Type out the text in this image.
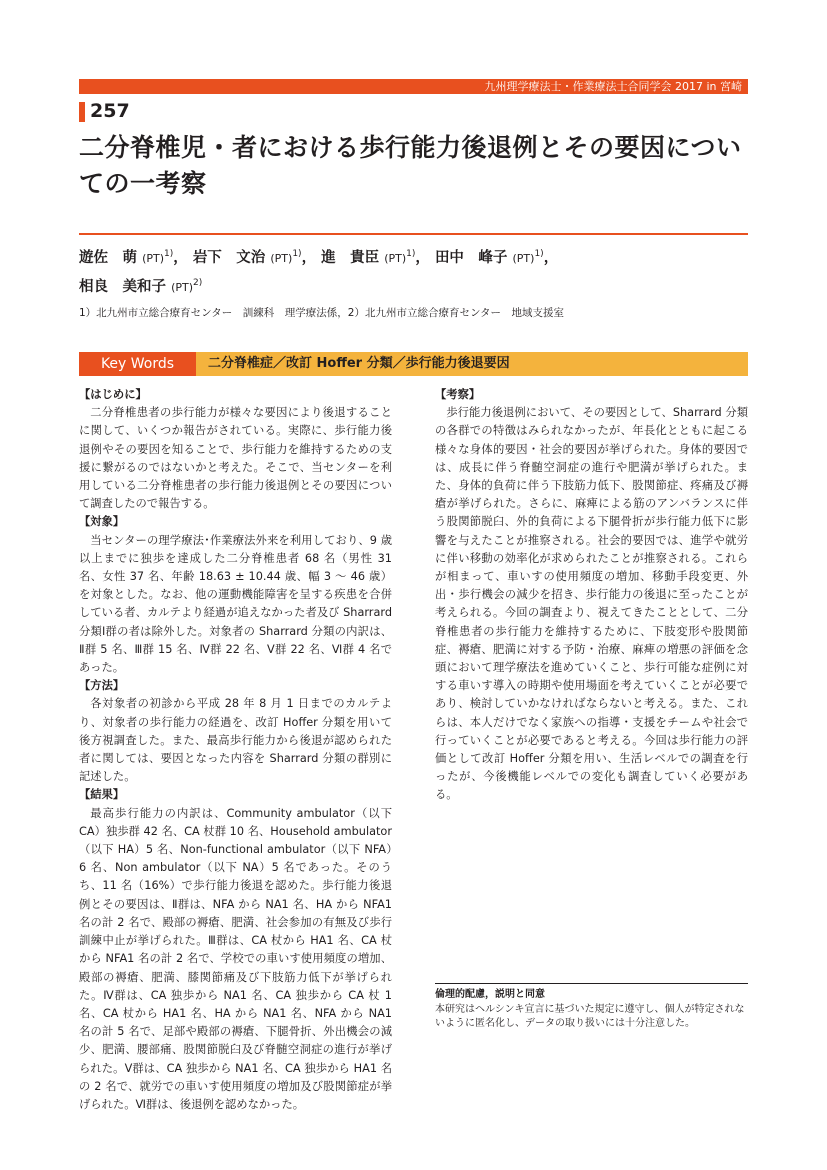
九州理学療法士・作業療法士合同学会 2017 in 宮崎
257
二分脊椎児・者における歩行能力後退例とその要因についての一考察
遊佐　萌 (PT)$^{1)}$， 岩下　文治 (PT)$^{1)}$， 進　貴臣 (PT)$^{1)}$， 田中　峰子 (PT)$^{1)}$，
相良　美和子 (PT)$^{2)}$
1）北九州市立総合療育センター　訓練科　理学療法係，2）北九州市立総合療育センター　地域支援室
Key Words	二分脊椎症／改訂 Hoffer 分類／歩行能力後退要因

【はじめに】

二分脊椎患者の歩行能力が様々な要因により後退することに関して、いくつか報告がされている。実際に、歩行能力後退例やその要因を知ることで、歩行能力を維持するための支援に繋がるのではないかと考えた。そこで、当センターを利用している二分脊椎患者の歩行能力後退例とその要因について調査したので報告する。

【対象】

当センターの理学療法･作業療法外来を利用しており、9 歳以上までに独歩を達成した二分脊椎患者 68 名（男性 31 名、女性 37 名、年齢 18.63 ± 10.44 歳、幅 3 ～ 46 歳）を対象とした。なお、他の運動機能障害を呈する疾患を合併している者、カルテより経過が追えなかった者及び Sharrard 分類Ⅰ群の者は除外した。対象者の Sharrard 分類の内訳は、Ⅱ群 5 名、Ⅲ群 15 名、Ⅳ群 22 名、Ⅴ群 22 名、Ⅵ群 4 名であった。

【方法】

各対象者の初診から平成 28 年 8 月 1 日までのカルテより、対象者の歩行能力の経過を、改訂 Hoffer 分類を用いて後方視調査した。また、最高歩行能力から後退が認められた者に関しては、要因となった内容を Sharrard 分類の群別に記述した。

【結果】

最高歩行能力の内訳は、Community ambulator（以下 CA）独歩群 42 名、CA 杖群 10 名、Household ambulator（以下 HA）5 名、Non-functional ambulator（以下 NFA）6 名、Non ambulator（以下 NA）5 名であった。そのうち、11 名（16%）で歩行能力後退を認めた。歩行能力後退例とその要因は、Ⅱ群は、NFA から NA1 名、HA から NFA1 名の計 2 名で、殿部の褥瘡、肥満、社会参加の有無及び歩行訓練中止が挙げられた。Ⅲ群は、CA 杖から HA1 名、CA 杖から NFA1 名の計 2 名で、学校での車いす使用頻度の増加、殿部の褥瘡、肥満、膝関節痛及び下肢筋力低下が挙げられた。Ⅳ群は、CA 独歩から NA1 名、CA 独歩から CA 杖 1 名、CA 杖から HA1 名、HA から NA1 名、NFA から NA1 名の計 5 名で、足部や殿部の褥瘡、下腿骨折、外出機会の減少、肥満、腰部痛、股関節脱臼及び脊髄空洞症の進行が挙げられた。Ⅴ群は、CA 独歩から NA1 名、CA 独歩から HA1 名の 2 名で、就労での車いす使用頻度の増加及び股関節症が挙げられた。Ⅵ群は、後退例を認めなかった。

【考察】

歩行能力後退例において、その要因として、Sharrard 分類の各群での特徴はみられなかったが、年長化とともに起こる様々な身体的要因・社会的要因が挙げられた。身体的要因では、成長に伴う脊髄空洞症の進行や肥満が挙げられた。また、身体的負荷に伴う下肢筋力低下、股関節症、疼痛及び褥瘡が挙げられた。さらに、麻痺による筋のアンバランスに伴う股関節脱臼、外的負荷による下腿骨折が歩行能力低下に影響を与えたことが推察される。社会的要因では、進学や就労に伴い移動の効率化が求められたことが推察される。これらが相まって、車いすの使用頻度の増加、移動手段変更、外出・歩行機会の減少を招き、歩行能力の後退に至ったことが考えられる。今回の調査より、視えてきたこととして、二分脊椎患者の歩行能力を維持するために、下肢変形や股関節症、褥瘡、肥満に対する予防・治療、麻痺の増悪の評価を念頭において理学療法を進めていくこと、歩行可能な症例に対する車いす導入の時期や使用場面を考えていくことが必要であり、検討していかなければならないと考える。また、これらは、本人だけでなく家族への指導・支援をチームや社会で行っていくことが必要であると考える。今回は歩行能力の評価として改訂 Hoffer 分類を用い、生活レベルでの調査を行ったが、今後機能レベルでの変化も調査していく必要がある。

倫理的配慮，説明と同意
本研究はヘルシンキ宣言に基づいた規定に遵守し、個人が特定されないように匿名化し、データの取り扱いには十分注意した。
